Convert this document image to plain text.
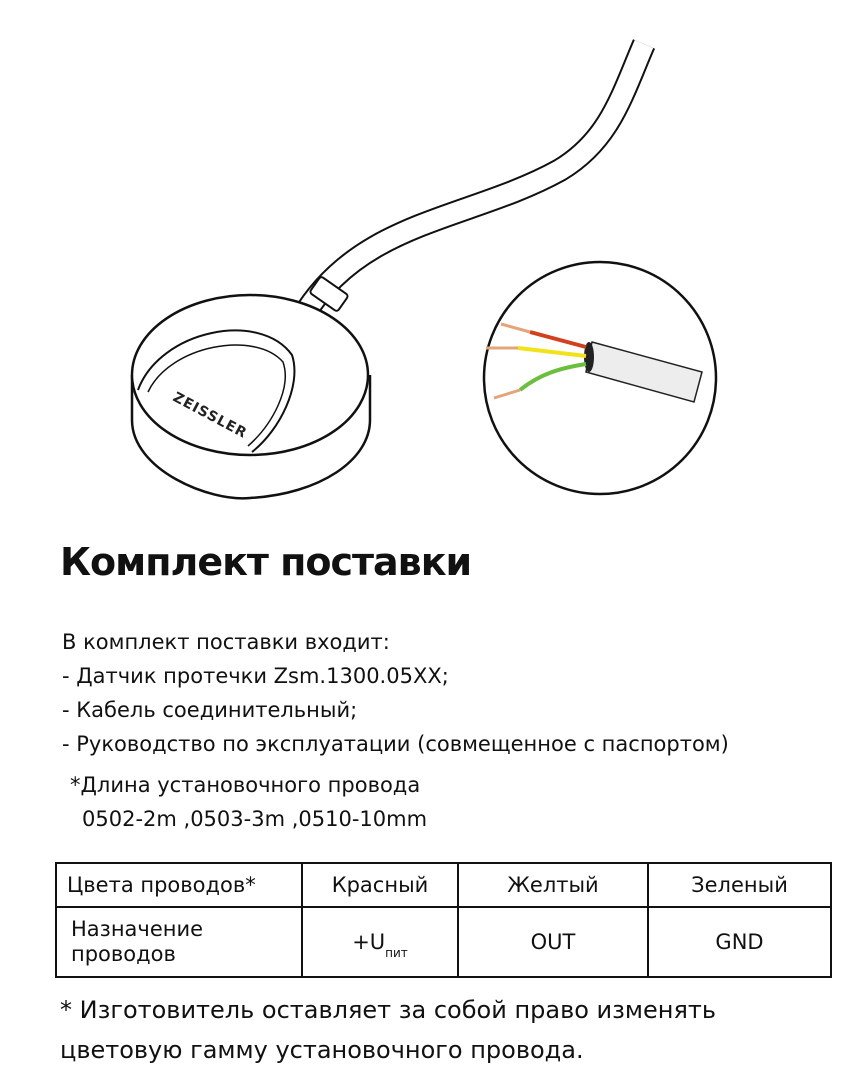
ZEISSLER
Комплект поставки

В комплект поставки входит:

- Датчик протечки Zsm.1300.05XX;
- Кабель соединительный;
- Руководство по эксплуатации (совмещенное с паспортом)
*Длина установочного провода
0502-2m ,0503-3m ,0510-10mm
Цвета проводов*	Красный	Желтый	Зеленый

Назначение
проводов	$+U_{пит}$	OUT	GND
* Изготовитель оставляет за собой право изменять
цветовую гамму установочного провода.
